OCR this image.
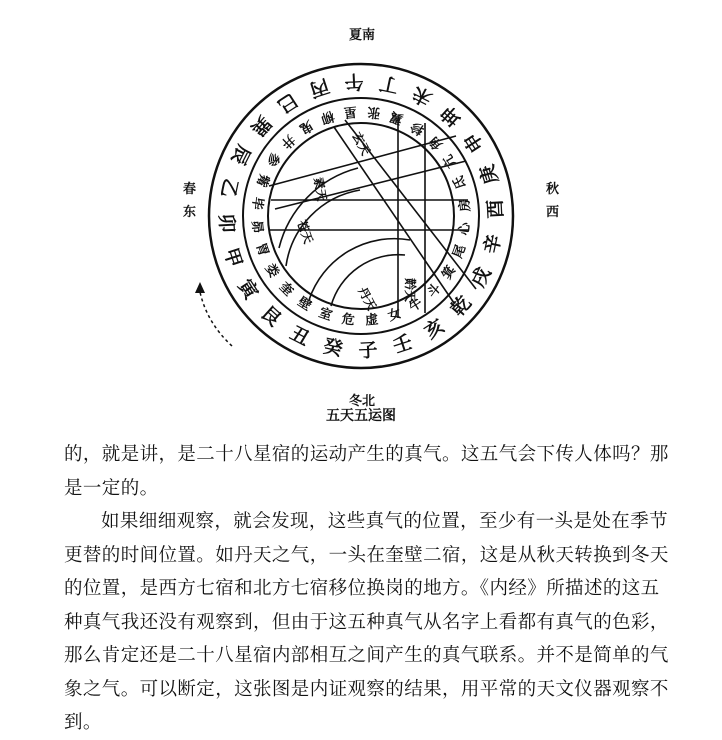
午 丁 未
坤
申
庚
酉
辛
戌
乾
亥
壬
子
癸
丑
艮
寅
甲
卯
乙
辰
巽
巳
丙
张 翼
轸
角
亢
氐
房
心
尾
箕
斗
牛
女
虚
危
室
壁
奎
娄
胃
昴
毕
觜
参
井
鬼
柳 星
玄天
黅天
苍天
素天
丹天
夏南
春
东
秋
西
冬北
五天五运图
的，就是讲，是二十八星宿的运动产生的真气。这五气会下传人体吗？那是一定的。
如果细细观察，就会发现，这些真气的位置，至少有一头是处在季节更替的时间位置。如丹天之气，一头在奎壁二宿，这是从秋天转换到冬天的位置，是西方七宿和北方七宿移位换岗的地方。《内经》所描述的这五种真气我还没有观察到，但由于这五种真气从名字上看都有真气的色彩，那么肯定还是二十八星宿内部相互之间产生的真气联系。并不是简单的气象之气。可以断定，这张图是内证观察的结果，用平常的天文仪器观察不到。
